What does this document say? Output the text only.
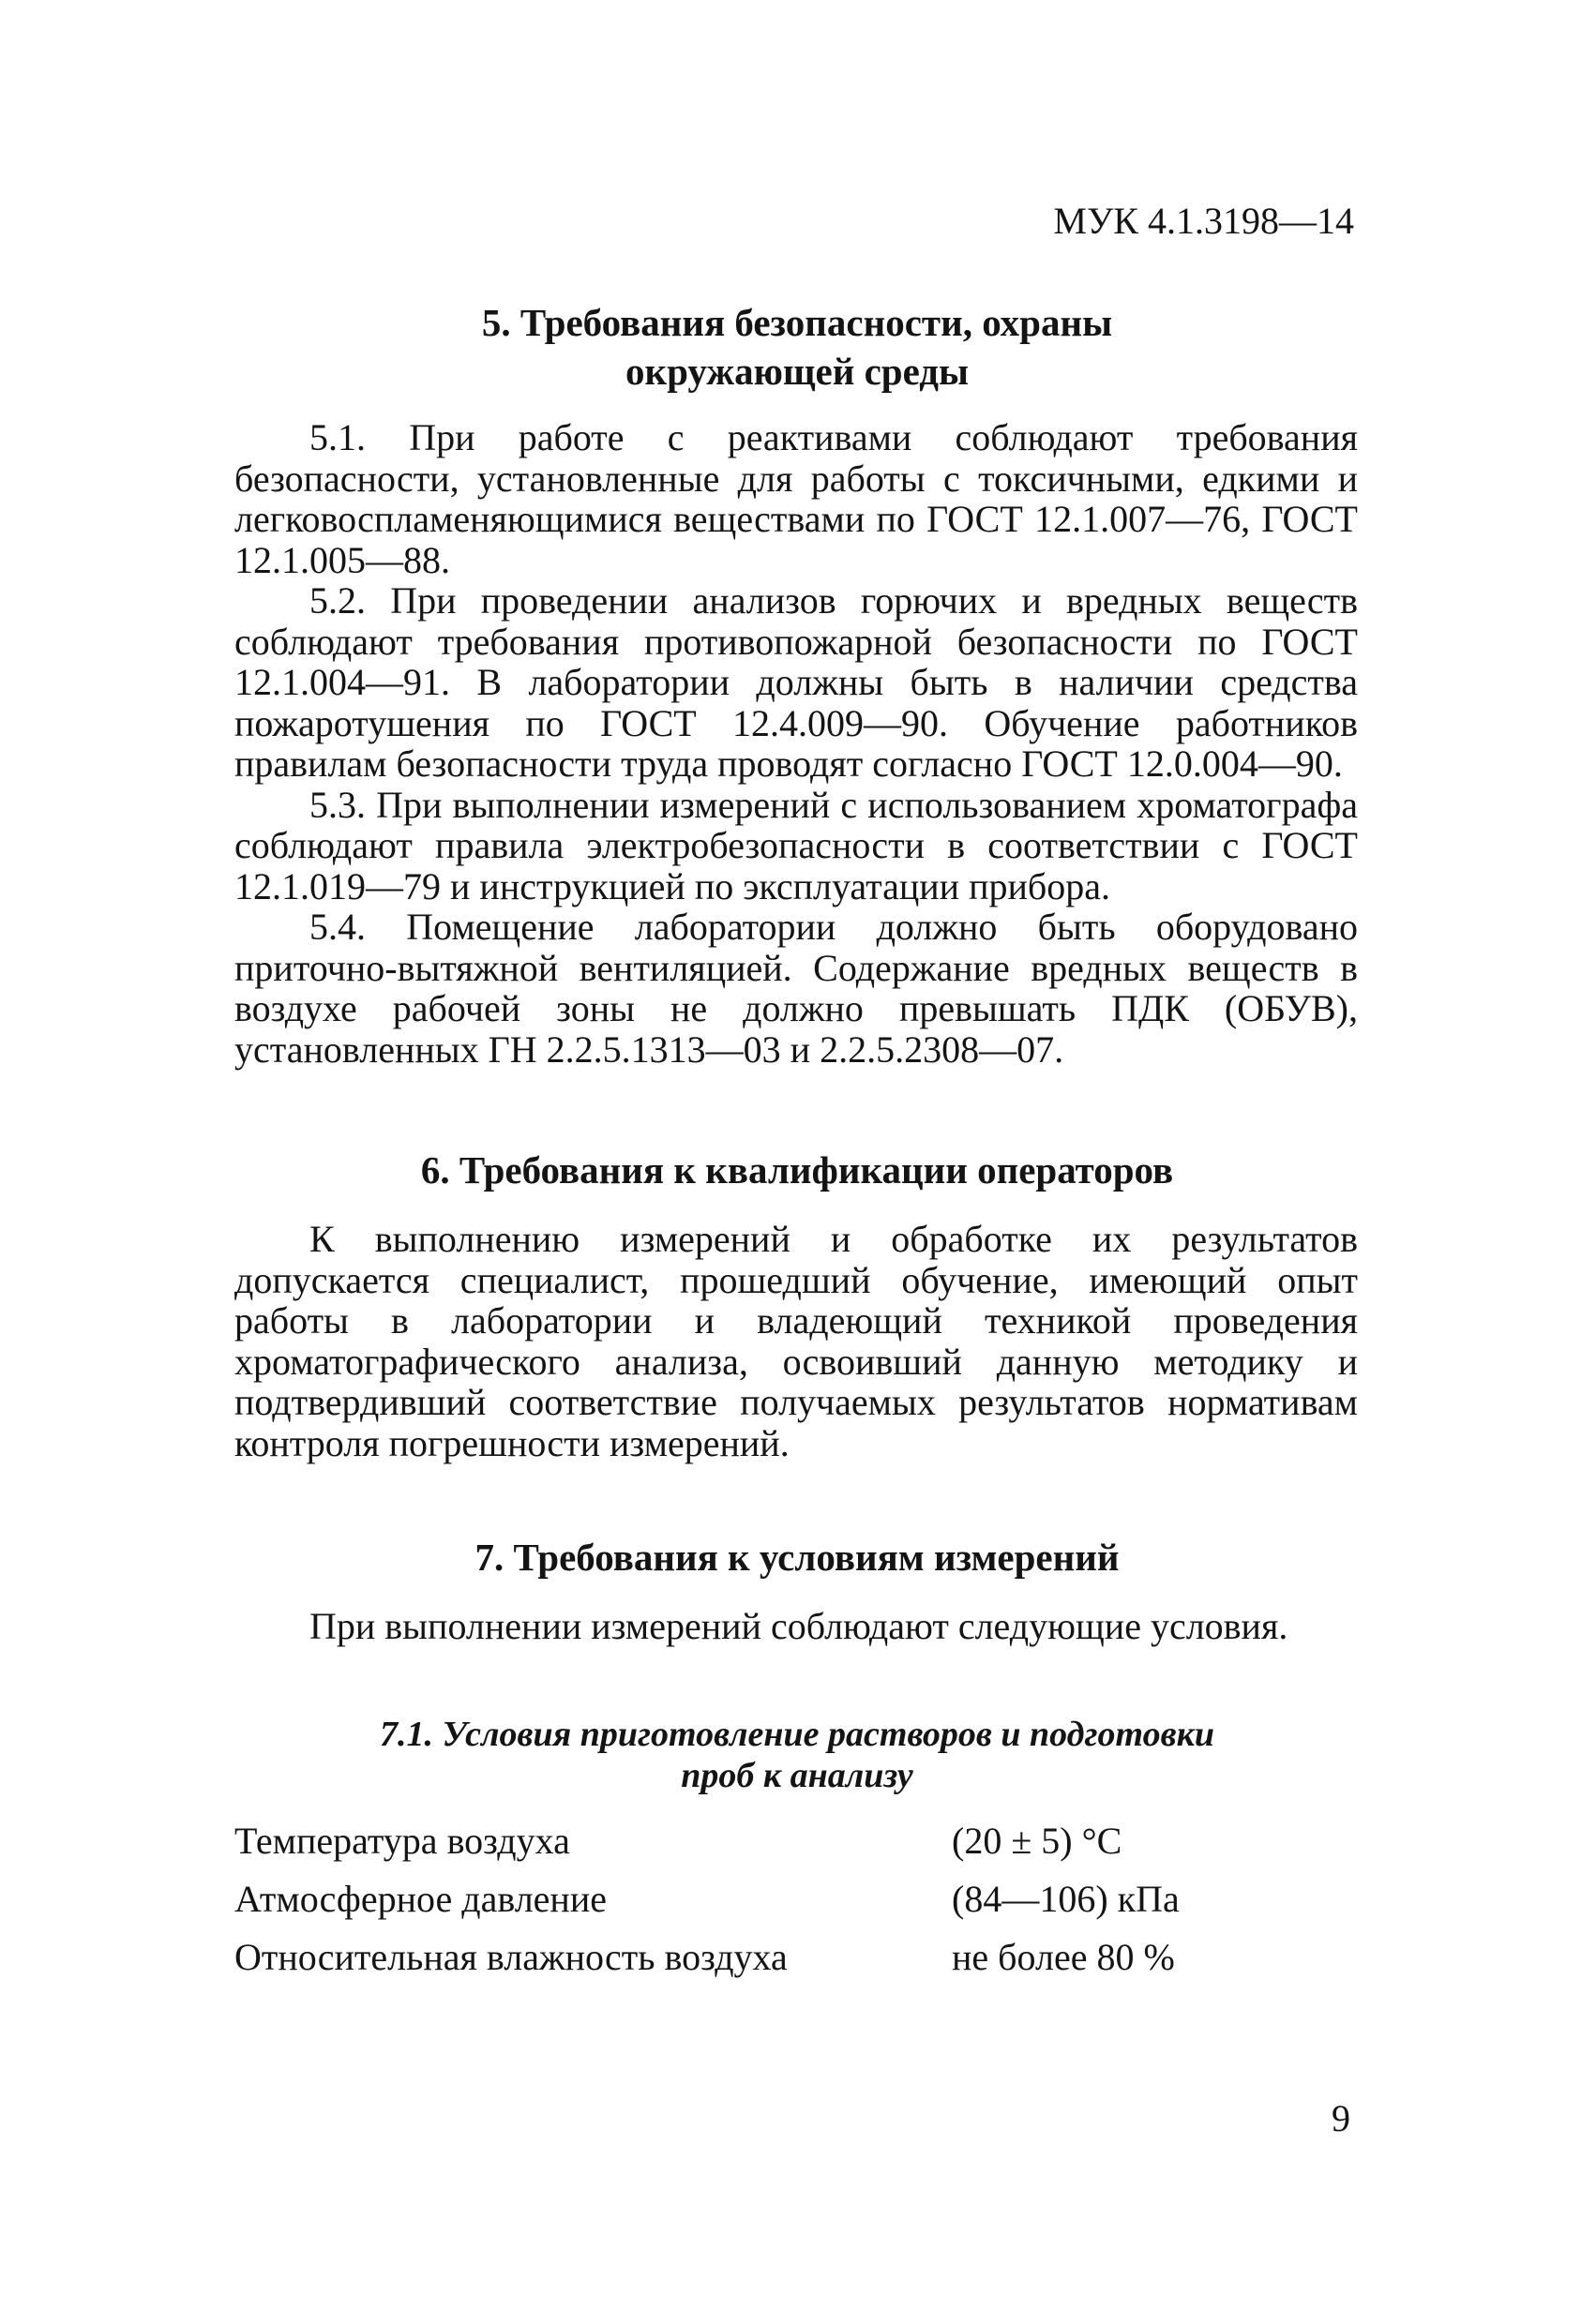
МУК 4.1.3198—14
5. Требования безопасности, охраны
окружающей среды

5.1. При работе с реактивами соблюдают требования безопасности, установленные для работы с токсичными, едкими и легковоспламеняющимися веществами по ГОСТ 12.1.007—76, ГОСТ 12.1.005—88.

5.2. При проведении анализов горючих и вредных веществ соблюдают требования противопожарной безопасности по ГОСТ 12.1.004—91. В лаборатории должны быть в наличии средства пожаротушения по ГОСТ 12.4.009—90. Обучение работников правилам безопасности труда проводят согласно ГОСТ 12.0.004—90.

5.3. При выполнении измерений с использованием хроматографа соблюдают правила электробезопасности в соответствии с ГОСТ 12.1.019—79 и инструкцией по эксплуатации прибора.

5.4. Помещение лаборатории должно быть оборудовано приточно-вытяжной вентиляцией. Содержание вредных веществ в воздухе рабочей зоны не должно превышать ПДК (ОБУВ), установленных ГН 2.2.5.1313—03 и 2.2.5.2308—07.

6. Требования к квалификации операторов

К выполнению измерений и обработке их результатов допускается специалист, прошедший обучение, имеющий опыт работы в лаборатории и владеющий техникой проведения хроматографического анализа, освоивший данную методику и подтвердивший соответствие получаемых результатов нормативам контроля погрешности измерений.

7. Требования к условиям измерений

При выполнении измерений соблюдают следующие условия.

7.1. Условия приготовление растворов и подготовки
проб к анализу
Температура воздуха	(20 ± 5) °С
Атмосферное давление	(84—106) кПа
Относительная влажность воздуха	не более 80 %
9
